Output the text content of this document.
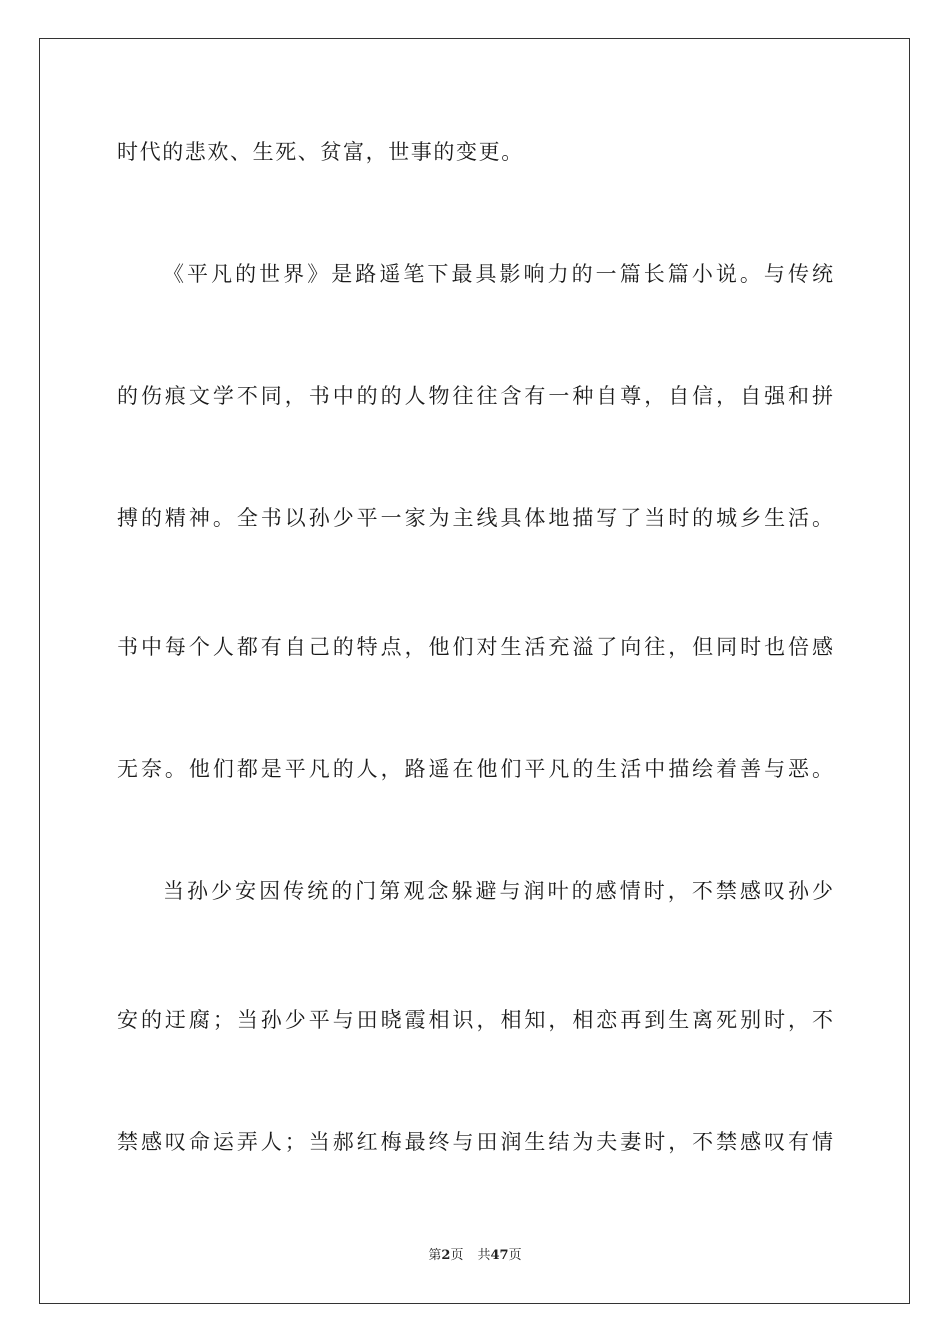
时代的悲欢、生死、贫富，世事的变更。
《平凡的世界》是路遥笔下最具影响力的一篇长篇小说。与传统
的伤痕文学不同，书中的的人物往往含有一种自尊，自信，自强和拼
搏的精神。全书以孙少平一家为主线具体地描写了当时的城乡生活。
书中每个人都有自己的特点，他们对生活充溢了向往，但同时也倍感
无奈。他们都是平凡的人，路遥在他们平凡的生活中描绘着善与恶。
当孙少安因传统的门第观念躲避与润叶的感情时，不禁感叹孙少
安的迂腐；当孙少平与田晓霞相识，相知，相恋再到生离死别时，不
禁感叹命运弄人；当郝红梅最终与田润生结为夫妻时，不禁感叹有情
第2页 共47页
